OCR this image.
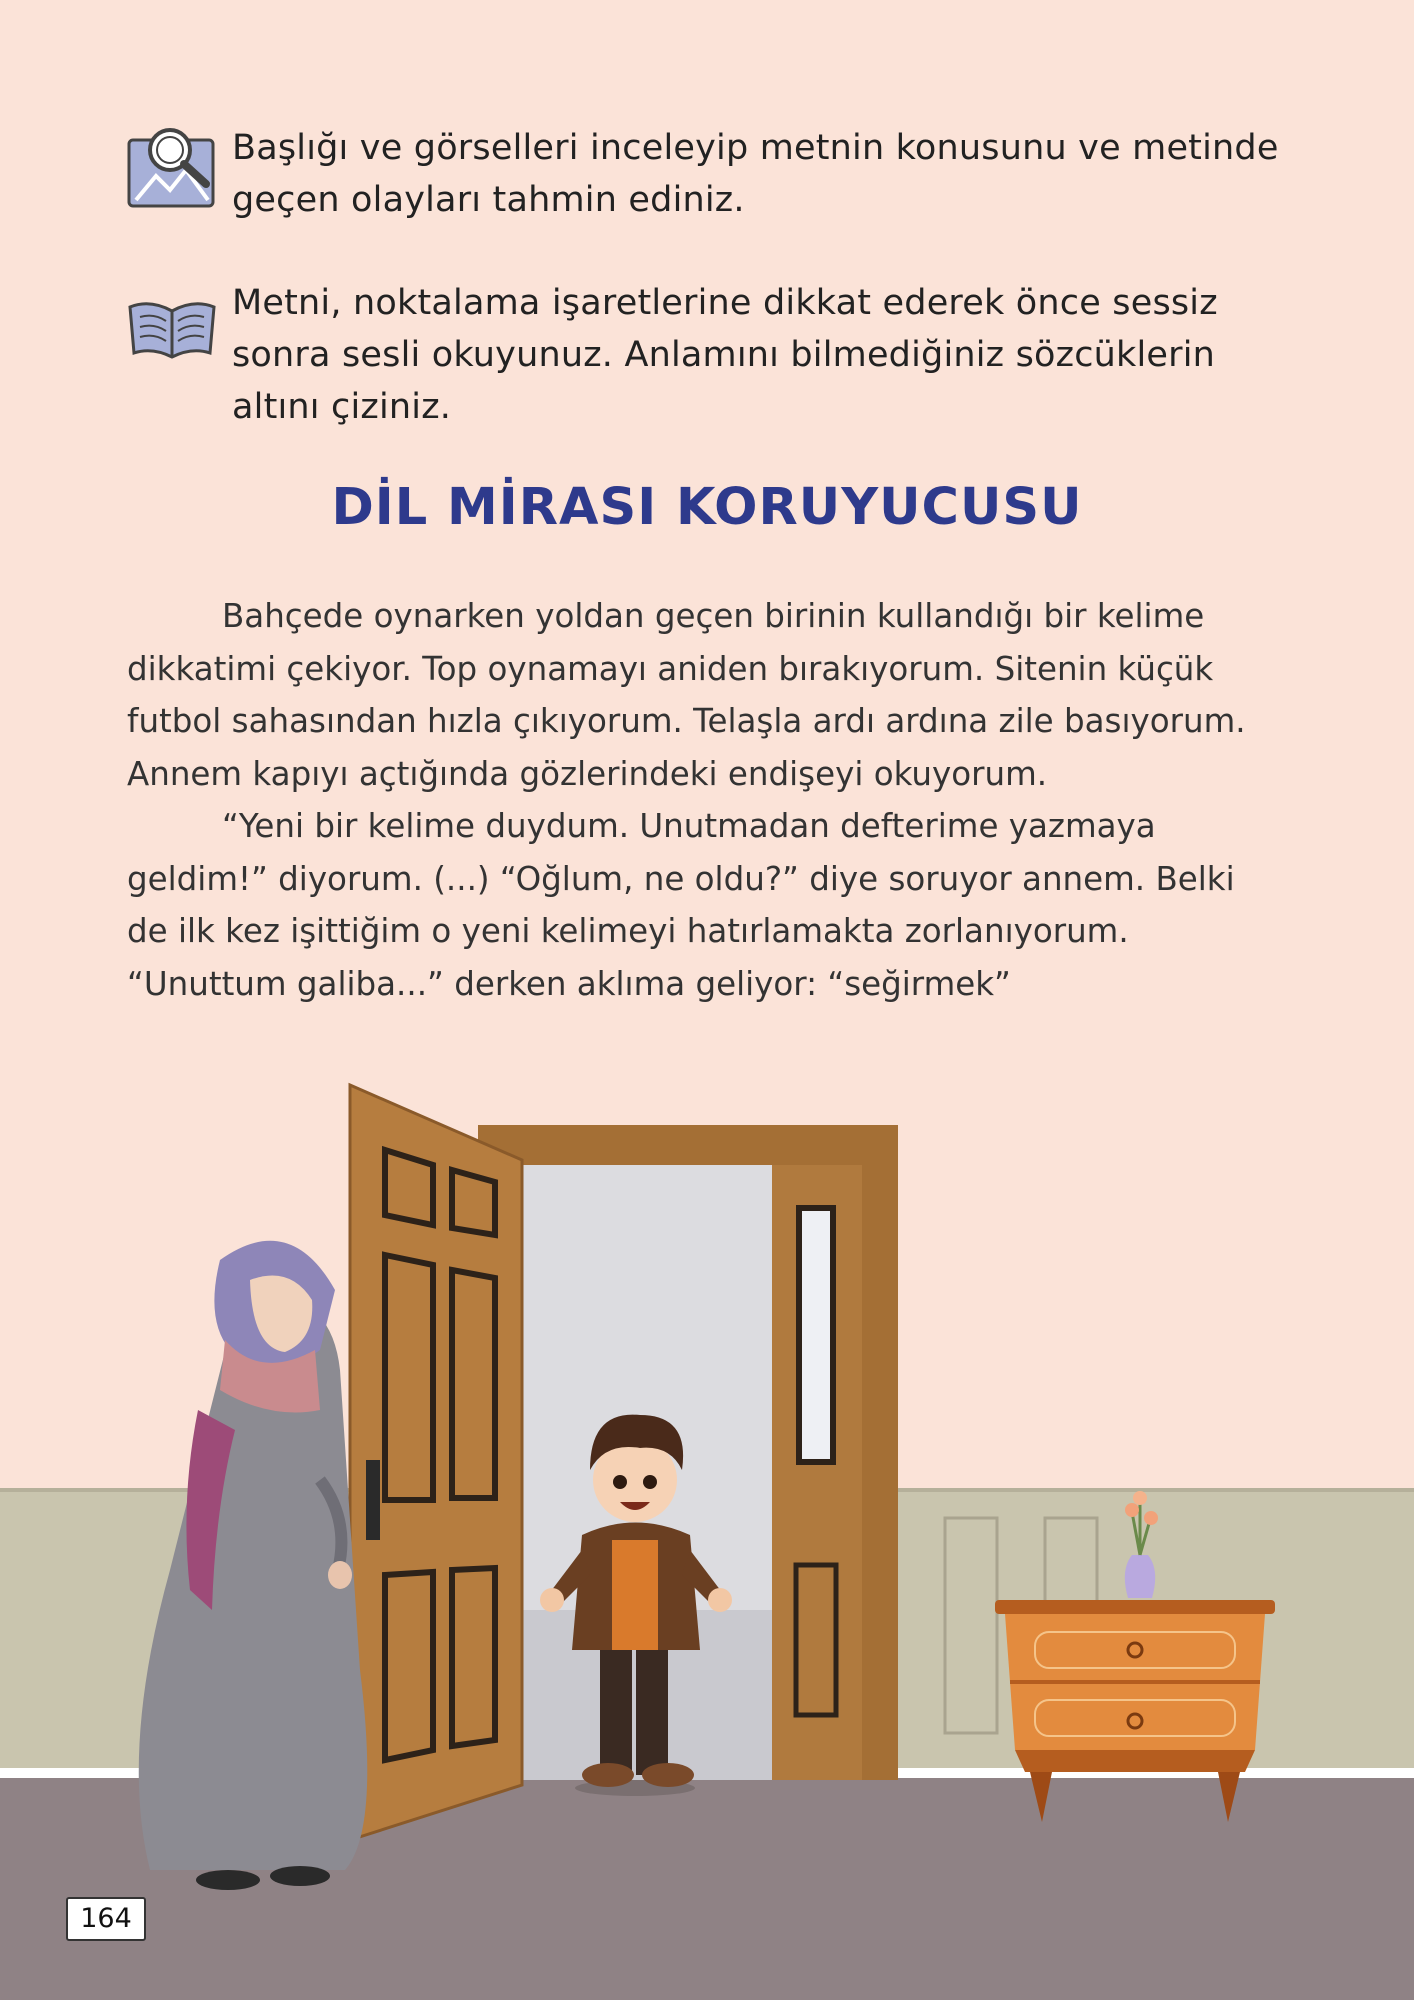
Başlığı ve görselleri inceleyip metnin konusunu ve metinde geçen olayları tahmin ediniz.
Metni, noktalama işaretlerine dikkat ederek önce sessiz sonra sesli okuyunuz. Anlamını bilmediğiniz sözcüklerin altını çiziniz.
DİL MİRASI KORUYUCUSU

Bahçede oynarken yoldan geçen birinin kullandığı bir kelime dikkatimi çekiyor. Top oynamayı aniden bırakıyorum. Sitenin küçük futbol sahasından hızla çıkıyorum. Telaşla ardı ardına zile basıyorum. Annem kapıyı açtığında gözlerindeki endişeyi okuyorum.

“Yeni bir kelime duydum. Unutmadan defterime yazmaya geldim!” diyorum. (...) “Oğlum, ne oldu?” diye soruyor annem. Belki de ilk kez işittiğim o yeni kelimeyi hatırlamakta zorlanıyorum. “Unuttum galiba...” derken aklıma geliyor: “seğirmek”

164
